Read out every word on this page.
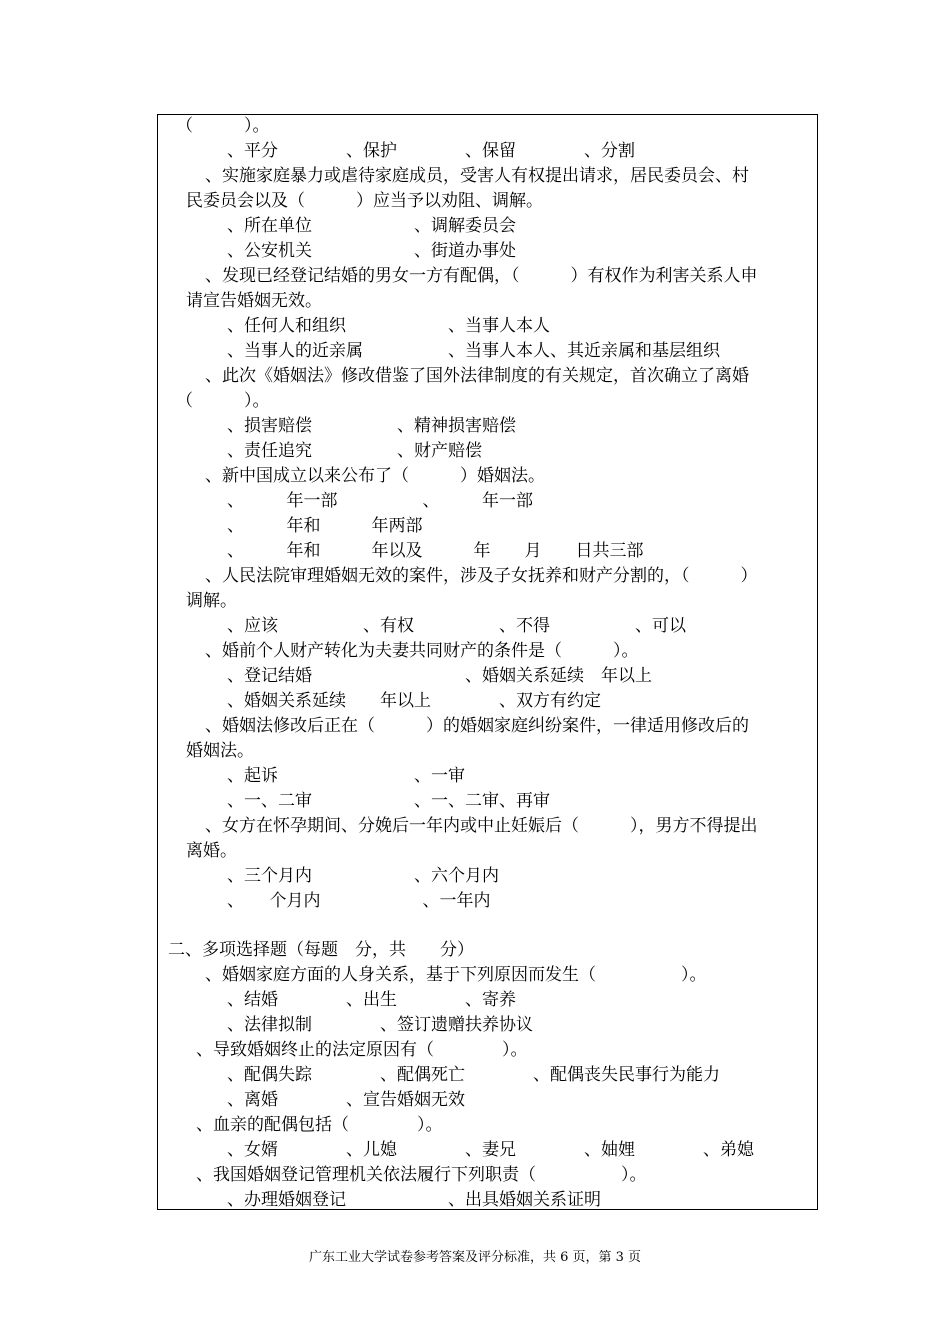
（　　　）。
　　　、平分　　　　、保护　　　　、保留　　　　、分割
、实施家庭暴力或虐待家庭成员，受害人有权提出请求，居民委员会、村
民委员会以及（　　　）应当予以劝阻、调解。
　　　、所在单位　　　　　　、调解委员会
　　　、公安机关　　　　　　、街道办事处
、发现已经登记结婚的男女一方有配偶，（　　　）有权作为利害关系人申
请宣告婚姻无效。
　　　、任何人和组织　　　　　　、当事人本人
　　　、当事人的近亲属　　　　　、当事人本人、其近亲属和基层组织
、此次《婚姻法》修改借鉴了国外法律制度的有关规定，首次确立了离婚
（　　　）。
　　　、损害赔偿　　　　　、精神损害赔偿
　　　、责任追究　　　　　、财产赔偿
、新中国成立以来公布了（　　　）婚姻法。
　　　、　　　年一部　　　　　、　　　年一部
　　　、　　　年和　　　年两部
　　　、　　　年和　　　年以及　　　年　　月　　日共三部
、人民法院审理婚姻无效的案件，涉及子女抚养和财产分割的，（　　　）
调解。
　　　、应该　　　　　、有权　　　　　、不得　　　　　、可以
、婚前个人财产转化为夫妻共同财产的条件是（　　　）。
　　　、登记结婚　　　　　　　　　、婚姻关系延续　年以上
　　　、婚姻关系延续　　年以上　　　　、双方有约定
、婚姻法修改后正在（　　　）的婚姻家庭纠纷案件，一律适用修改后的
婚姻法。
　　　、起诉　　　　　　　　、一审
　　　、一、二审　　　　　　、一、二审、再审
、女方在怀孕期间、分娩后一年内或中止妊娠后（　　　），男方不得提出
离婚。
　　　、三个月内　　　　　　、六个月内
　　　、　　个月内　　　　　　、一年内
二、多项选择题（每题　分，共　　分）
、婚姻家庭方面的人身关系，基于下列原因而发生（　　　　　）。
　　　、结婚　　　　、出生　　　　、寄养
　　　、法律拟制　　　　、签订遗赠扶养协议
、导致婚姻终止的法定原因有（　　　　）。
　　　、配偶失踪　　　　、配偶死亡　　　　、配偶丧失民事行为能力
　　　、离婚　　　　、宣告婚姻无效
、血亲的配偶包括（　　　　）。
　　　、女婿　　　　、儿媳　　　　、妻兄　　　　、妯娌　　　　、弟媳
、我国婚姻登记管理机关依法履行下列职责（　　　　　）。
　　　、办理婚姻登记　　　　　　、出具婚姻关系证明
广东工业大学试卷参考答案及评分标准，共 6 页，第 3 页
